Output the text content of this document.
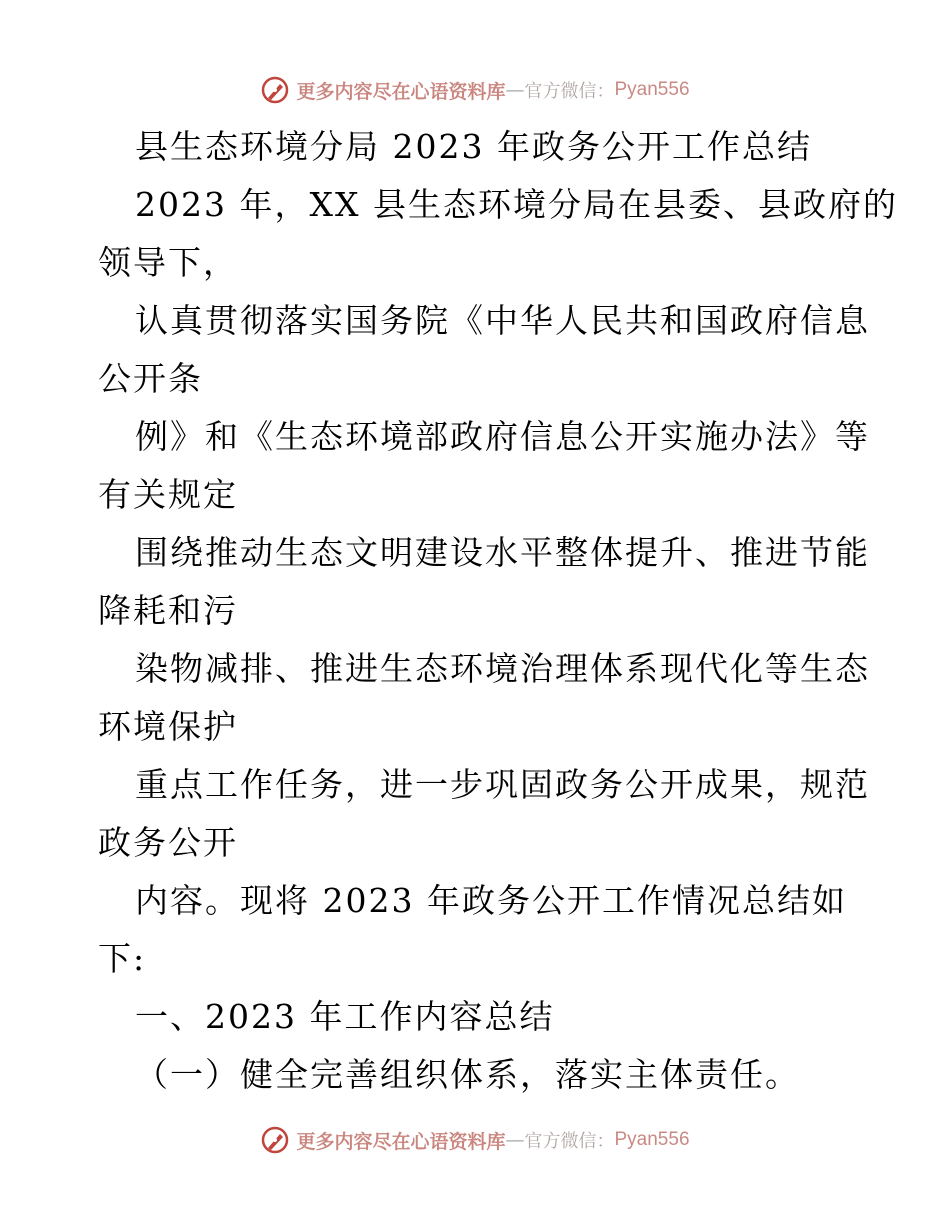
更多内容尽在心语资料库 — 官方微信： Pyan556
县生态环境分局 2023 年政务公开工作总结
2023 年，XX 县生态环境分局在县委、县政府的
领导下，
认真贯彻落实国务院《中华人民共和国政府信息
公开条
例》和《生态环境部政府信息公开实施办法》等
有关规定
围绕推动生态文明建设水平整体提升、推进节能
降耗和污
染物减排、推进生态环境治理体系现代化等生态
环境保护
重点工作任务，进一步巩固政务公开成果，规范
政务公开
内容。现将 2023 年政务公开工作情况总结如
下:
一、2023 年工作内容总结
（一）健全完善组织体系，落实主体责任。
更多内容尽在心语资料库 — 官方微信： Pyan556
